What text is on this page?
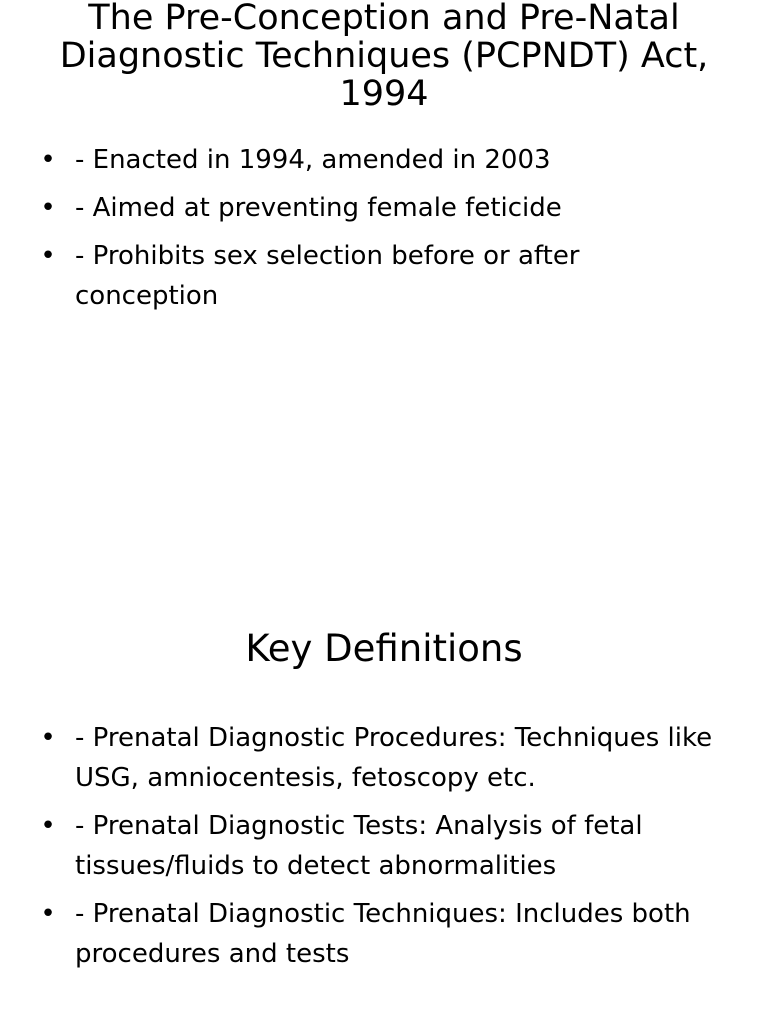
The Pre-Conception and Pre-Natal Diagnostic Techniques (PCPNDT) Act, 1994
• - Enacted in 1994, amended in 2003
• - Aimed at preventing female feticide
• - Prohibits sex selection before or after conception
Key Definitions
• - Prenatal Diagnostic Procedures: Techniques like USG, amniocentesis, fetoscopy etc.
• - Prenatal Diagnostic Tests: Analysis of fetal tissues/fluids to detect abnormalities
• - Prenatal Diagnostic Techniques: Includes both procedures and tests
